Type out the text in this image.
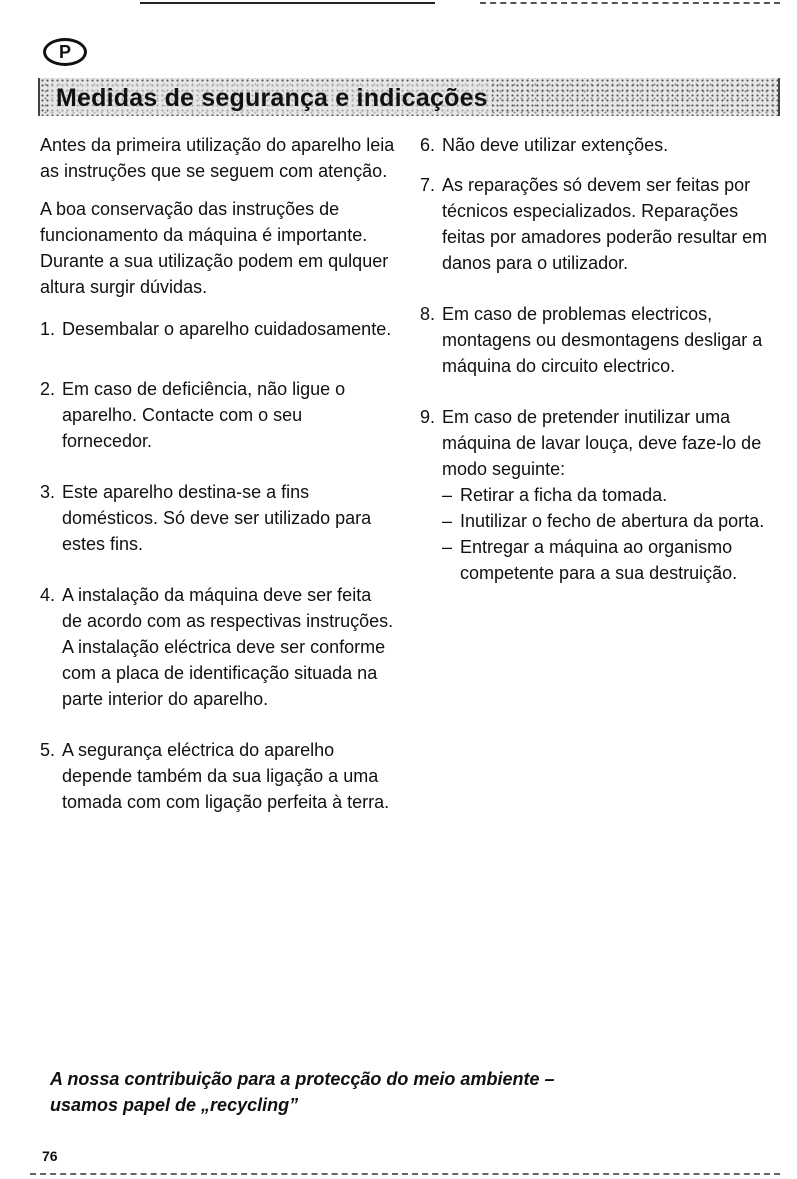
P
Medidas de segurança e indicações

Antes da primeira utilização do aparelho leia as instruções que se seguem com atenção.

A boa conservação das instruções de funcionamento da máquina é importante. Durante a sua utilização podem em qulquer altura surgir dúvidas.

1. Desembalar o aparelho cuidadosamente.
2. Em caso de deficiência, não ligue o aparelho. Contacte com o seu fornecedor.
3. Este aparelho destina-se a fins domésticos. Só deve ser utilizado para estes fins.
4. A instalação da máquina deve ser feita de acordo com as respectivas instruções. A instalação eléctrica deve ser conforme com a placa de identificação situada na parte interior do aparelho.
5. A segurança eléctrica do aparelho depende também da sua ligação a uma tomada com com ligação perfeita à terra.
6. Não deve utilizar extenções.
7. As reparações só devem ser feitas por técnicos especializados. Reparações feitas por amadores poderão resultar em danos para o utilizador.
8. Em caso de problemas electricos, montagens ou desmontagens desligar a máquina do circuito electrico.
9. Em caso de pretender inutilizar uma máquina de lavar louça, deve faze-lo de modo seguinte:
– Retirar a ficha da tomada.
– Inutilizar o fecho de abertura da porta.
– Entregar a máquina ao organismo competente para a sua destruição.
A nossa contribuição para a protecção do meio ambiente –
usamos papel de „recycling”
76
